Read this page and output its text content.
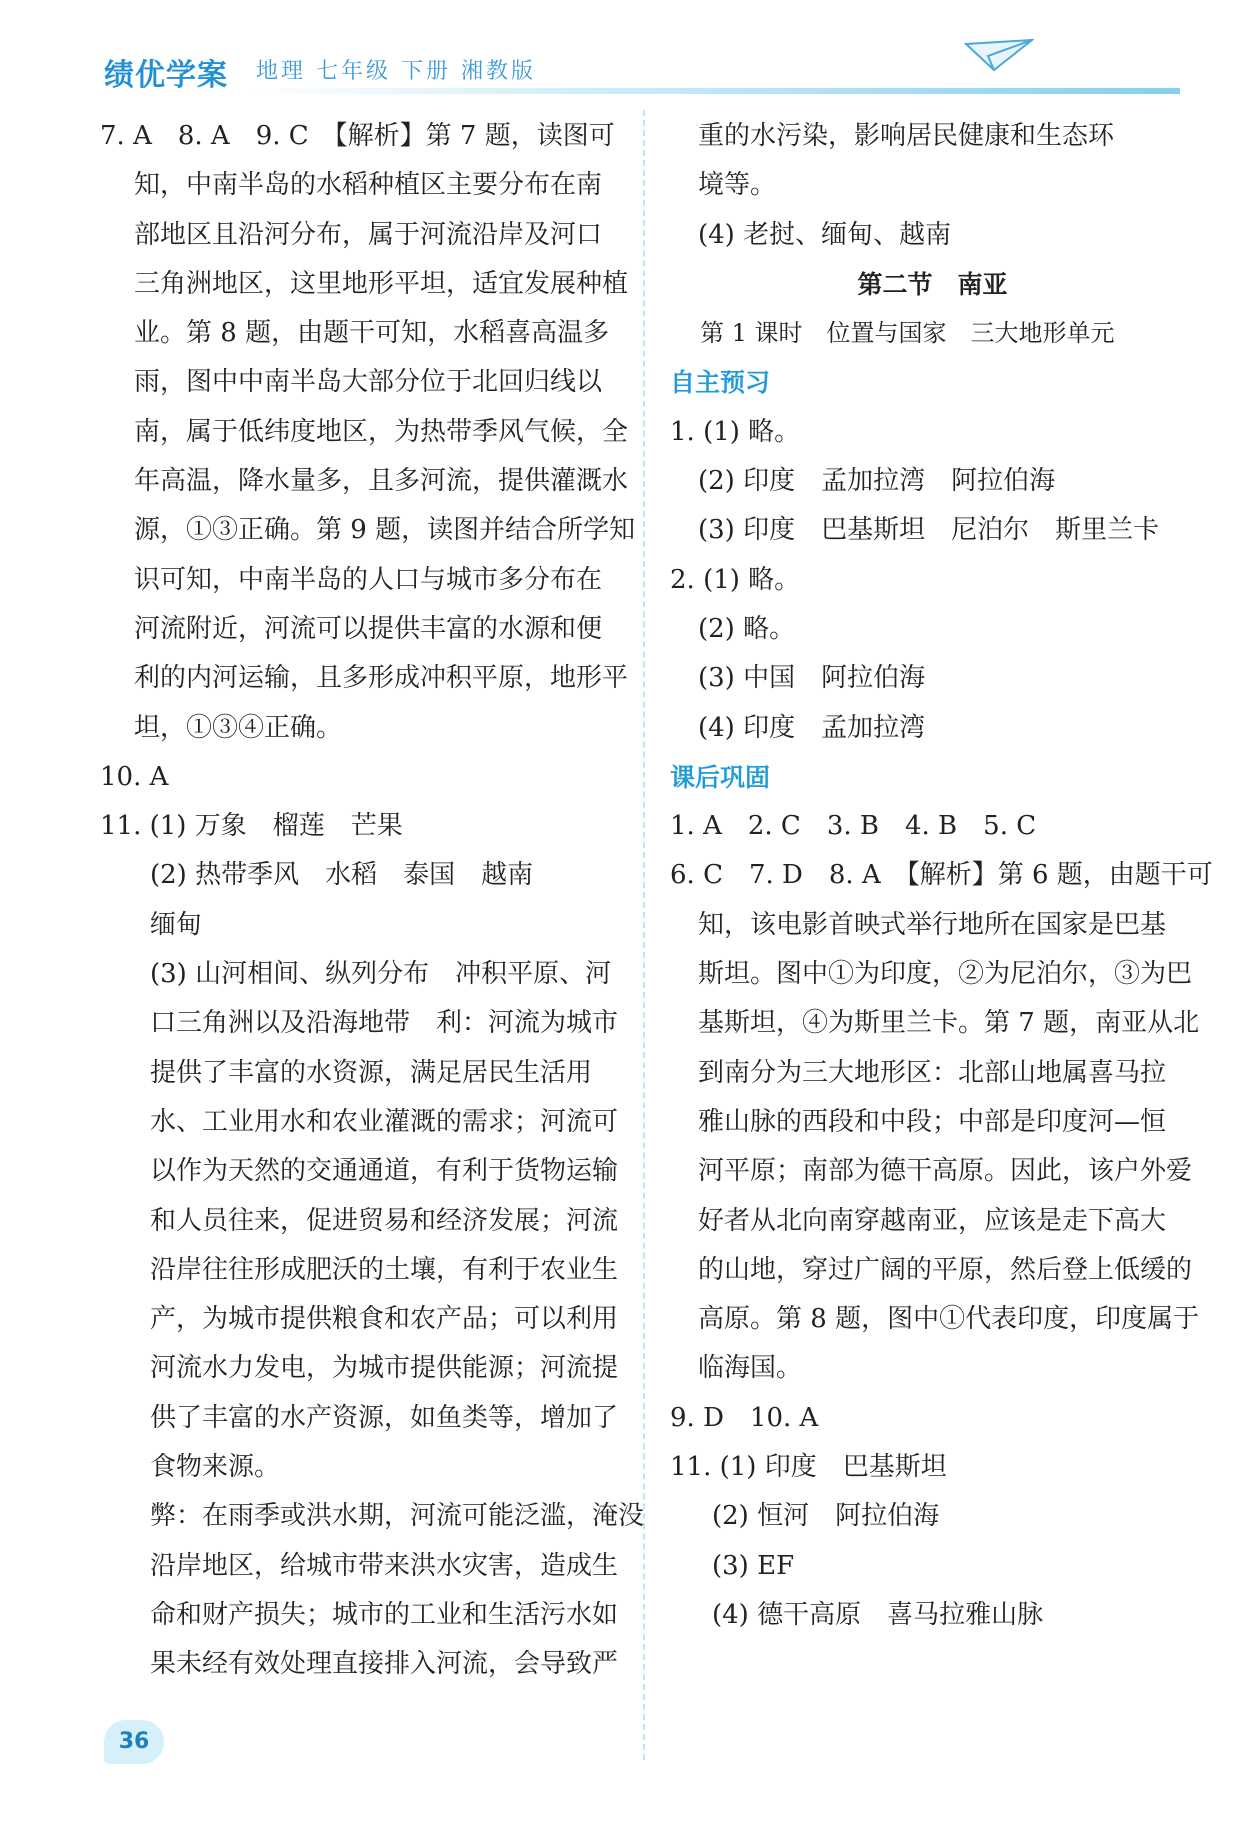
绩优学案 地理 七年级 下册 湘教版
7. A　8. A　9. C　【解析】第 7 题，读图可
知，中南半岛的水稻种植区主要分布在南
部地区且沿河分布，属于河流沿岸及河口
三角洲地区，这里地形平坦，适宜发展种植
业。第 8 题，由题干可知，水稻喜高温多
雨，图中中南半岛大部分位于北回归线以
南，属于低纬度地区，为热带季风气候，全
年高温，降水量多，且多河流，提供灌溉水
源，①③正确。第 9 题，读图并结合所学知
识可知，中南半岛的人口与城市多分布在
河流附近，河流可以提供丰富的水源和便
利的内河运输，且多形成冲积平原，地形平
坦，①③④正确。
10. A
11. (1) 万象　榴莲　芒果
(2) 热带季风　水稻　泰国　越南
缅甸
(3) 山河相间、纵列分布　冲积平原、河
口三角洲以及沿海地带　利：河流为城市
提供了丰富的水资源，满足居民生活用
水、工业用水和农业灌溉的需求；河流可
以作为天然的交通通道，有利于货物运输
和人员往来，促进贸易和经济发展；河流
沿岸往往形成肥沃的土壤，有利于农业生
产，为城市提供粮食和农产品；可以利用
河流水力发电，为城市提供能源；河流提
供了丰富的水产资源，如鱼类等，增加了
食物来源。
弊：在雨季或洪水期，河流可能泛滥，淹没
沿岸地区，给城市带来洪水灾害，造成生
命和财产损失；城市的工业和生活污水如
果未经有效处理直接排入河流，会导致严
重的水污染，影响居民健康和生态环
境等。
(4) 老挝、缅甸、越南
第二节　南亚
第 1 课时　位置与国家　三大地形单元
自主预习
1. (1) 略。
(2) 印度　孟加拉湾　阿拉伯海
(3) 印度　巴基斯坦　尼泊尔　斯里兰卡
2. (1) 略。
(2) 略。
(3) 中国　阿拉伯海
(4) 印度　孟加拉湾
课后巩固
1. A　2. C　3. B　4. B　5. C
6. C　7. D　8. A　【解析】第 6 题，由题干可
知，该电影首映式举行地所在国家是巴基
斯坦。图中①为印度，②为尼泊尔，③为巴
基斯坦，④为斯里兰卡。第 7 题，南亚从北
到南分为三大地形区：北部山地属喜马拉
雅山脉的西段和中段；中部是印度河—恒
河平原；南部为德干高原。因此，该户外爱
好者从北向南穿越南亚，应该是走下高大
的山地，穿过广阔的平原，然后登上低缓的
高原。第 8 题，图中①代表印度，印度属于
临海国。
9. D　10. A
11. (1) 印度　巴基斯坦
(2) 恒河　阿拉伯海
(3) EF
(4) 德干高原　喜马拉雅山脉
36
